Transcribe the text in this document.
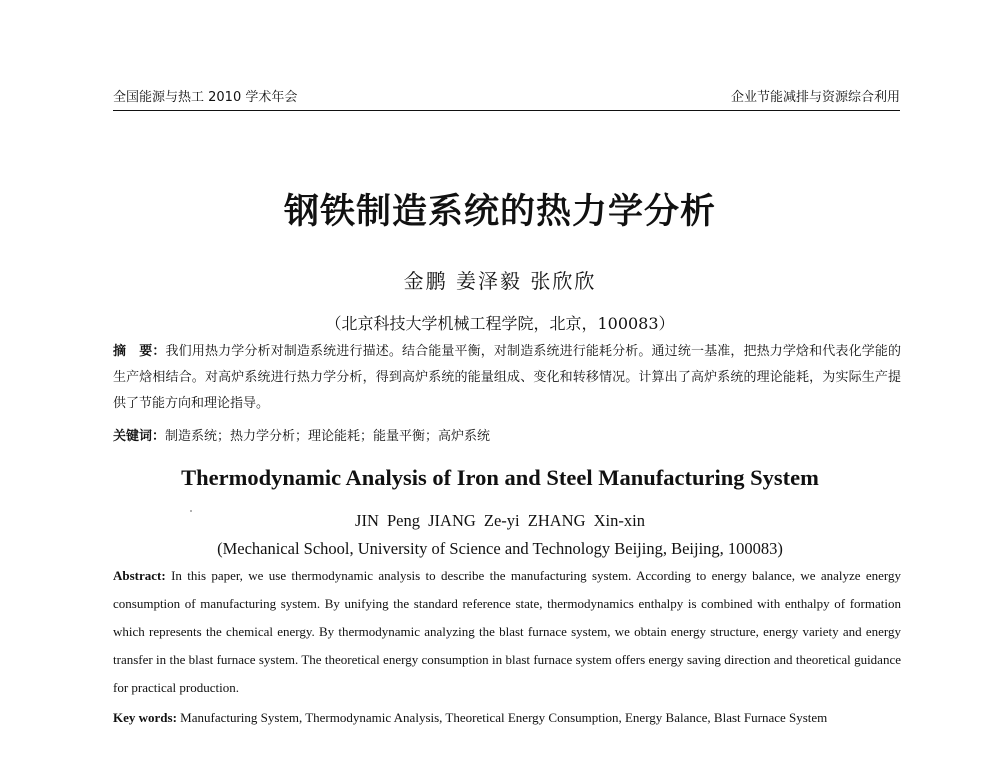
全国能源与热工 2010 学术年会	企业节能减排与资源综合利用
钢铁制造系统的热力学分析
金鹏 姜泽毅 张欣欣
（北京科技大学机械工程学院，北京，100083）
摘　要：我们用热力学分析对制造系统进行描述。结合能量平衡，对制造系统进行能耗分析。通过统一基准，把热力学焓和代表化学能的生产焓相结合。对高炉系统进行热力学分析，得到高炉系统的能量组成、变化和转移情况。计算出了高炉系统的理论能耗，为实际生产提供了节能方向和理论指导。
关键词：制造系统；热力学分析；理论能耗；能量平衡；高炉系统
Thermodynamic Analysis of Iron and Steel Manufacturing System
JIN Peng JIANG Ze-yi ZHANG Xin-xin
(Mechanical School, University of Science and Technology Beijing, Beijing, 100083)
Abstract: In this paper, we use thermodynamic analysis to describe the manufacturing system. According to energy balance, we analyze energy consumption of manufacturing system. By unifying the standard reference state, thermodynamics enthalpy is combined with enthalpy of formation which represents the chemical energy. By thermodynamic analyzing the blast furnace system, we obtain energy structure, energy variety and energy transfer in the blast furnace system. The theoretical energy consumption in blast furnace system offers energy saving direction and theoretical guidance for practical production.
Key words: Manufacturing System, Thermodynamic Analysis, Theoretical Energy Consumption, Energy Balance, Blast Furnace System
